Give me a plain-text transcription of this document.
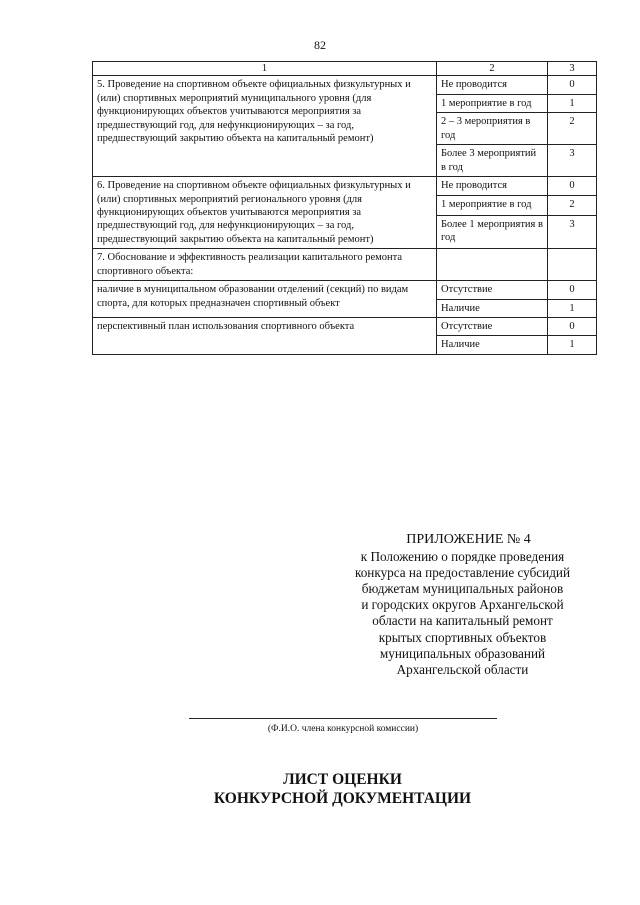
82
1	2	3
5. Проведение на спортивном объекте официальных физкультурных и (или) спортивных мероприятий муниципального уровня (для функционирующих объектов учитываются мероприятия за предшествующий год, для нефункционирующих – за год, предшествующий закрытию объекта на капитальный ремонт)	Не проводится	0
	1 мероприятие в год	1
	2 – 3 мероприятия в год	2
	Более 3 мероприятий в год	3
6. Проведение на спортивном объекте официальных физкультурных и (или) спортивных мероприятий регионального уровня (для функционирующих объектов учитываются мероприятия за предшествующий год, для нефункционирующих – за год, предшествующий закрытию объекта на капитальный ремонт)	Не проводится	0
	1 мероприятие в год	2
	Более 1 мероприятия в год	3
7. Обоснование и эффективность реализации капитального ремонта спортивного объекта:		
наличие в муниципальном образовании отделений (секций) по видам спорта, для которых предназначен спортивный объект	Отсутствие	0
	Наличие	1
перспективный план использования спортивного объекта	Отсутствие	0
	Наличие	1
ПРИЛОЖЕНИЕ № 4
к Положению о порядке проведения
конкурса на предоставление субсидий
бюджетам муниципальных районов
и городских округов Архангельской
области на капитальный ремонт
крытых спортивных объектов
муниципальных образований
Архангельской области
(Ф.И.О. члена конкурсной комиссии)
ЛИСТ ОЦЕНКИ
КОНКУРСНОЙ ДОКУМЕНТАЦИИ
